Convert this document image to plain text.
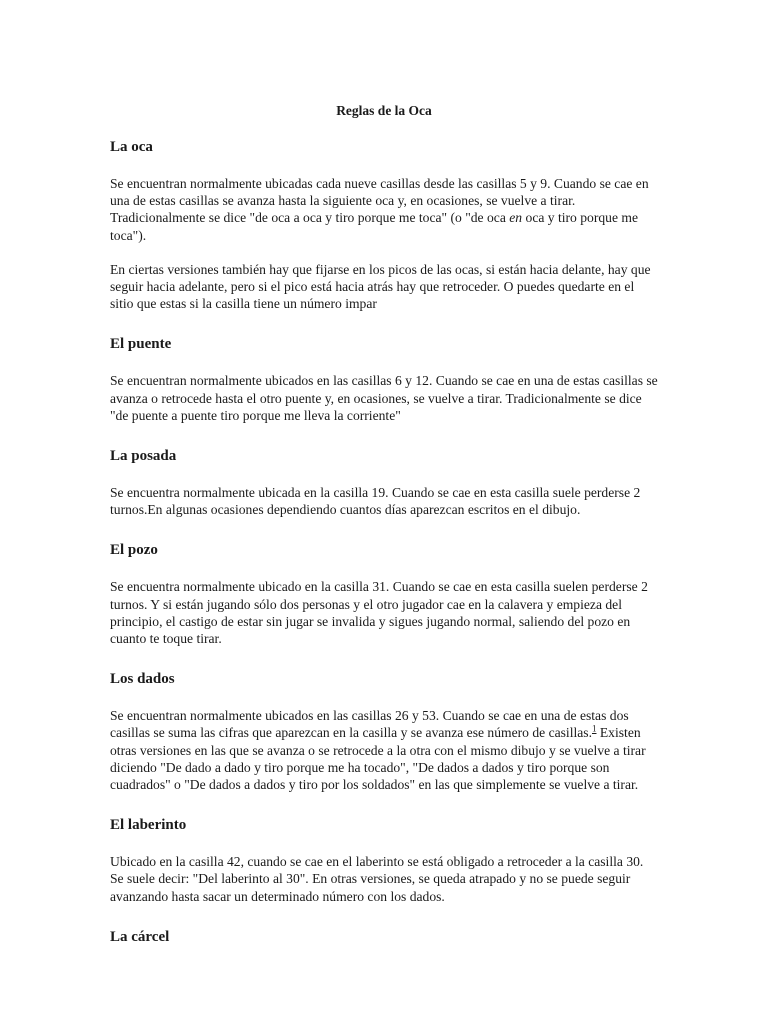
Reglas de la Oca
La oca

Se encuentran normalmente ubicadas cada nueve casillas desde las casillas 5 y 9. Cuando se cae en una de estas casillas se avanza hasta la siguiente oca y, en ocasiones, se vuelve a tirar. Tradicionalmente se dice "de oca a oca y tiro porque me toca" (o "de oca en oca y tiro porque me toca").

En ciertas versiones también hay que fijarse en los picos de las ocas, si están hacia delante, hay que seguir hacia adelante, pero si el pico está hacia atrás hay que retroceder. O puedes quedarte en el sitio que estas si la casilla tiene un número impar

El puente

Se encuentran normalmente ubicados en las casillas 6 y 12. Cuando se cae en una de estas casillas se avanza o retrocede hasta el otro puente y, en ocasiones, se vuelve a tirar. Tradicionalmente se dice "de puente a puente tiro porque me lleva la corriente"

La posada

Se encuentra normalmente ubicada en la casilla 19. Cuando se cae en esta casilla suele perderse 2 turnos.En algunas ocasiones dependiendo cuantos días aparezcan escritos en el dibujo.

El pozo

Se encuentra normalmente ubicado en la casilla 31. Cuando se cae en esta casilla suelen perderse 2 turnos. Y si están jugando sólo dos personas y el otro jugador cae en la calavera y empieza del principio, el castigo de estar sin jugar se invalida y sigues jugando normal, saliendo del pozo en cuanto te toque tirar.

Los dados

Se encuentran normalmente ubicados en las casillas 26 y 53. Cuando se cae en una de estas dos casillas se suma las cifras que aparezcan en la casilla y se avanza ese número de casillas.$^1$ Existen otras versiones en las que se avanza o se retrocede a la otra con el mismo dibujo y se vuelve a tirar diciendo "De dado a dado y tiro porque me ha tocado", "De dados a dados y tiro porque son cuadrados" o "De dados a dados y tiro por los soldados" en las que simplemente se vuelve a tirar.

El laberinto

Ubicado en la casilla 42, cuando se cae en el laberinto se está obligado a retroceder a la casilla 30. Se suele decir: "Del laberinto al 30". En otras versiones, se queda atrapado y no se puede seguir avanzando hasta sacar un determinado número con los dados.

La cárcel
